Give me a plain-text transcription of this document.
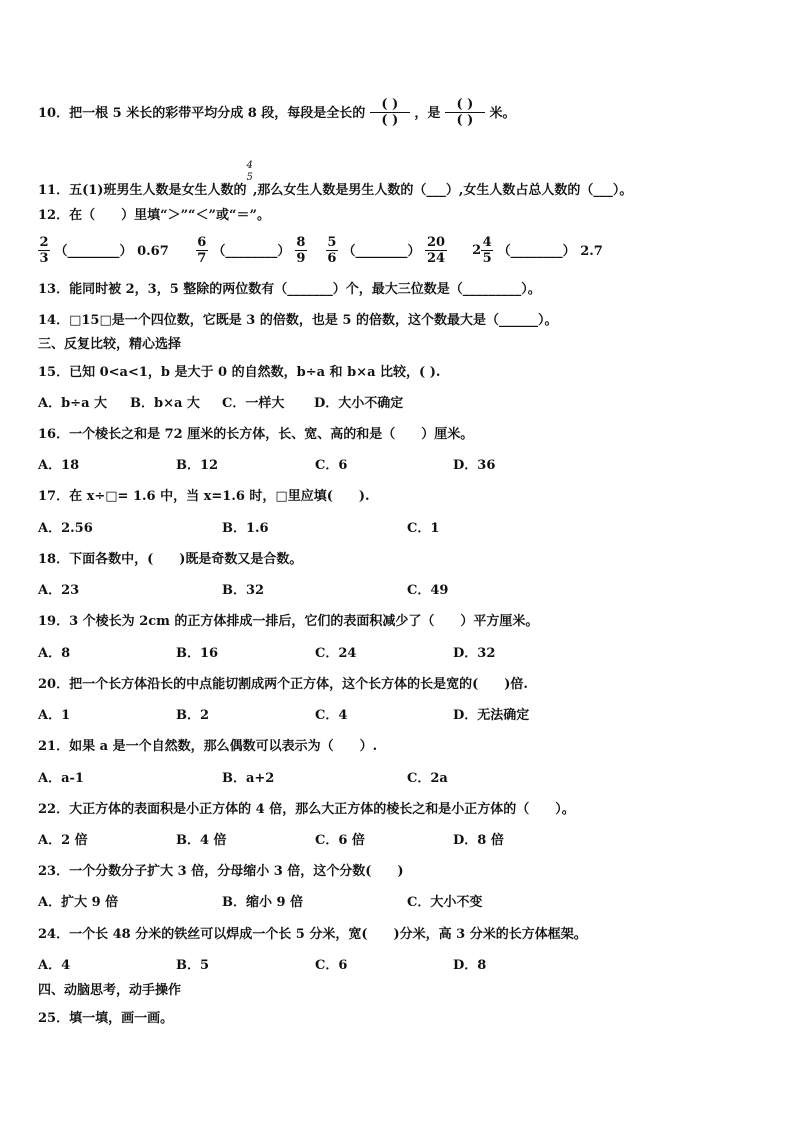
10．把一根 5 米长的彩带平均分成 8 段，每段是全长的 $\frac{( )}{( )}$ ，是 $\frac{( )}{( )}$ 米。
11．五(1)班男生人数是女生人数的
4
5
,那么女生人数是男生人数的（___）,女生人数占总人数的（___）。
12．在（　　）里填“＞”“＜”或“＝”。
$\frac{2}{3}$ （________） $0.67 \frac{6}{7}$ （________） $\frac{8}{9}$
$\frac{5}{6}$ （________） $\frac{20}{24} 2 \frac{4}{5}$ （________） 2.7
13．能同时被 2，3，5 整除的两位数有（_______）个，最大三位数是（_________）。
14．□15□是一个四位数，它既是 3 的倍数，也是 5 的倍数，这个数最大是（______）。
三、反复比较，精心选择
15．已知 0<a<1，b 是大于 0 的自然数，b÷a 和 b×a 比较，( ).
A．b÷a 大 B．b×a 大 C．一样大 D．大小不确定
16．一个棱长之和是 72 厘米的长方体，长、宽、高的和是（　　）厘米。
A．18	B．12	C．6	D．36
17．在 x÷□= 1.6 中，当 x=1.6 时，□里应填(　　).
A．2.56	B．1.6	C．1
18．下面各数中，(　　)既是奇数又是合数。
A．23	B．32	C．49
19．3 个棱长为 2cm 的正方体排成一排后，它们的表面积减少了（　　）平方厘米。
A．8	B．16	C．24	D．32
20．把一个长方体沿长的中点能切割成两个正方体，这个长方体的长是宽的(　　)倍.
A．1	B．2	C．4	D．无法确定
21．如果 a 是一个自然数，那么偶数可以表示为（　　）.
A．a-1	B．a+2	C．2a
22．大正方体的表面积是小正方体的 4 倍，那么大正方体的棱长之和是小正方体的（　　）。
A．2 倍	B．4 倍	C．6 倍	D．8 倍
23．一个分数分子扩大 3 倍，分母缩小 3 倍，这个分数(　　)
A．扩大 9 倍	B．缩小 9 倍	C．大小不变
24．一个长 48 分米的铁丝可以焊成一个长 5 分米，宽(　　)分米，高 3 分米的长方体框架。
A．4	B．5	C．6	D．8
四、动脑思考，动手操作
25．填一填，画一画。
